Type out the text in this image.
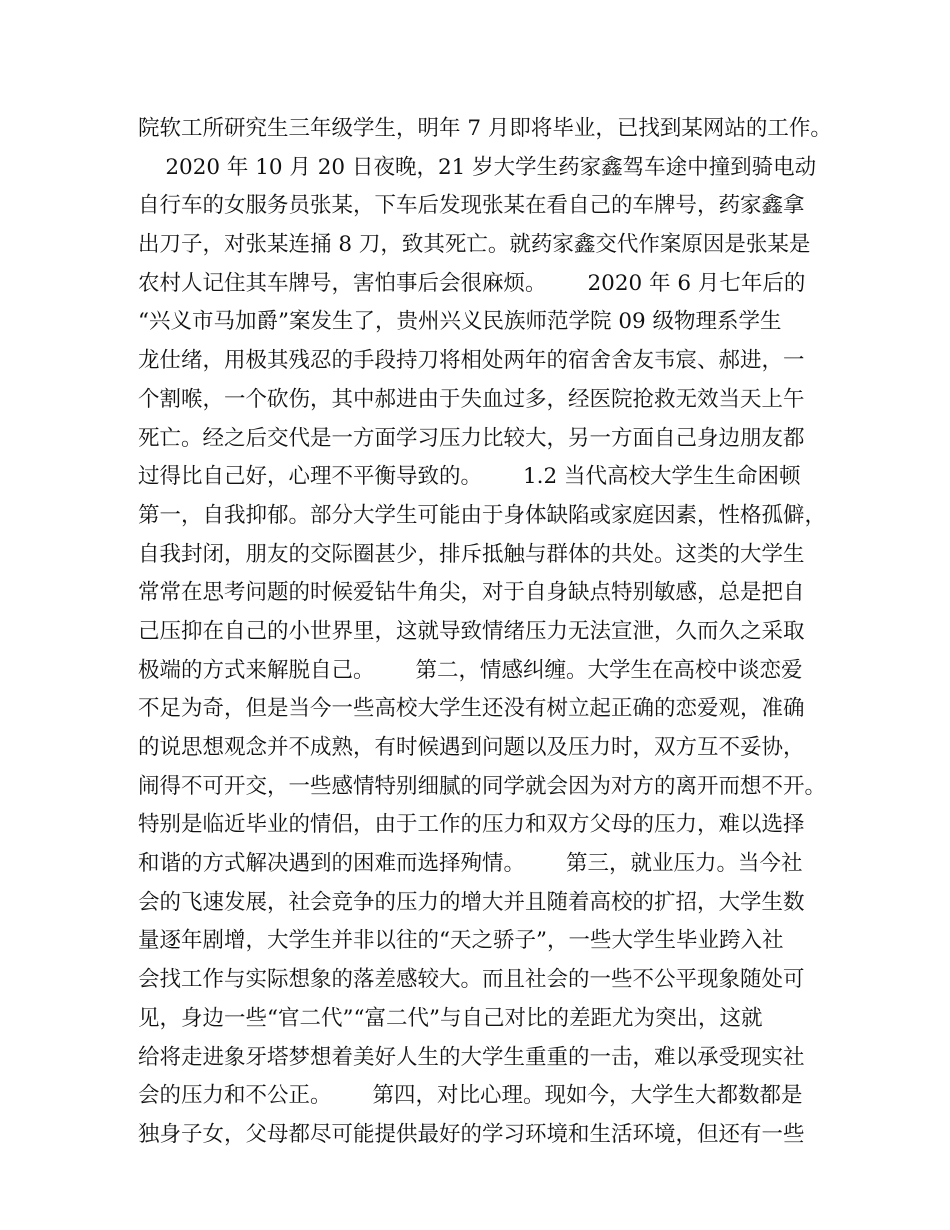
院软工所研究生三年级学生，明年 7 月即将毕业，已找到某网站的工作。
2020 年 10 月 20 日夜晚，21 岁大学生药家鑫驾车途中撞到骑电动
自行车的女服务员张某，下车后发现张某在看自己的车牌号，药家鑫拿
出刀子，对张某连捅 8 刀，致其死亡。就药家鑫交代作案原因是张某是
农村人记住其车牌号，害怕事后会很麻烦。      2020 年 6 月七年后的
“兴义市马加爵”案发生了，贵州兴义民族师范学院 09 级物理系学生
龙仕绪，用极其残忍的手段持刀将相处两年的宿舍舍友韦宸、郝进，一
个割喉，一个砍伤，其中郝进由于失血过多，经医院抢救无效当天上午
死亡。经之后交代是一方面学习压力比较大，另一方面自己身边朋友都
过得比自己好，心理不平衡导致的。      1.2 当代高校大学生生命困顿
第一，自我抑郁。部分大学生可能由于身体缺陷或家庭因素，性格孤僻，
自我封闭，朋友的交际圈甚少，排斥抵触与群体的共处。这类的大学生
常常在思考问题的时候爱钻牛角尖，对于自身缺点特别敏感，总是把自
己压抑在自己的小世界里，这就导致情绪压力无法宣泄，久而久之采取
极端的方式来解脱自己。      第二，情感纠缠。大学生在高校中谈恋爱
不足为奇，但是当今一些高校大学生还没有树立起正确的恋爱观，准确
的说思想观念并不成熟，有时候遇到问题以及压力时，双方互不妥协，
闹得不可开交，一些感情特别细腻的同学就会因为对方的离开而想不开。
特别是临近毕业的情侣，由于工作的压力和双方父母的压力，难以选择
和谐的方式解决遇到的困难而选择殉情。      第三，就业压力。当今社
会的飞速发展，社会竞争的压力的增大并且随着高校的扩招，大学生数
量逐年剧增，大学生并非以往的“天之骄子”，一些大学生毕业跨入社
会找工作与实际想象的落差感较大。而且社会的一些不公平现象随处可
见，身边一些“官二代”“富二代”与自己对比的差距尤为突出，这就
给将走进象牙塔梦想着美好人生的大学生重重的一击，难以承受现实社
会的压力和不公正。      第四，对比心理。现如今，大学生大都数都是
独身子女，父母都尽可能提供最好的学习环境和生活环境，但还有一些
